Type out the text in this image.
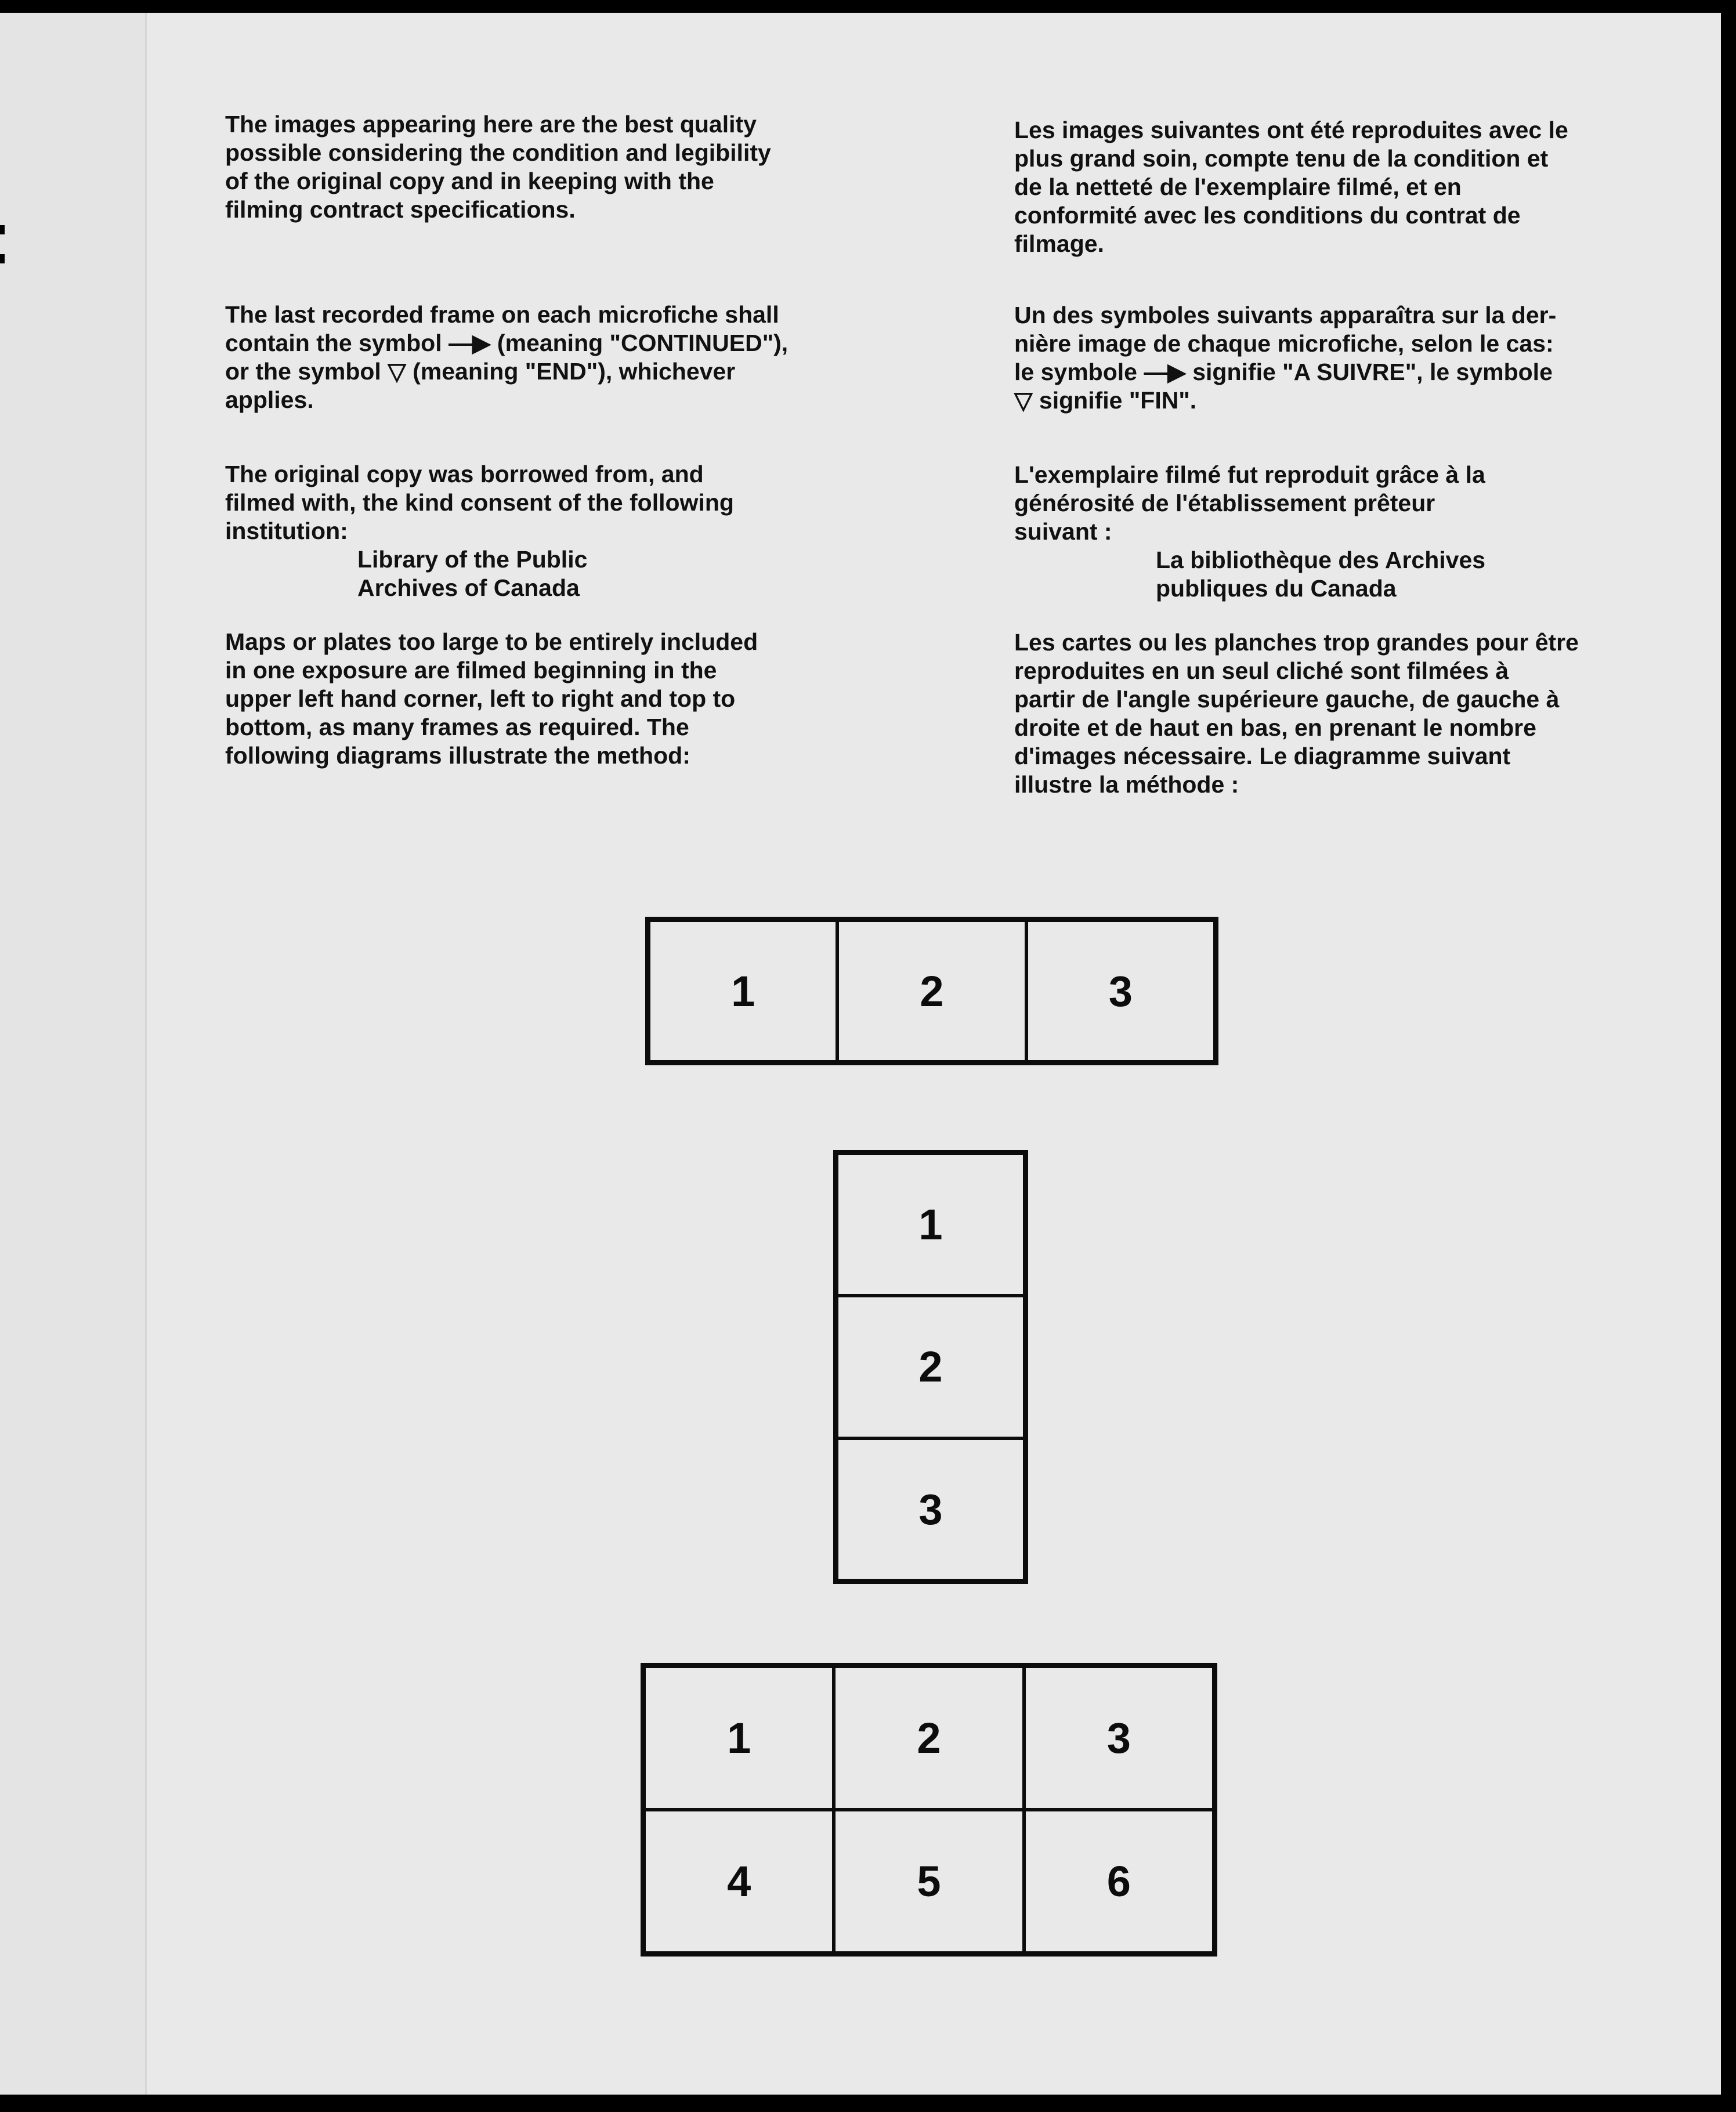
The images appearing here are the best quality
possible considering the condition and legibility
of the original copy and in keeping with the
filming contract specifications.

The last recorded frame on each microfiche shall
contain the symbol —▶ (meaning "CONTINUED"),
or the symbol ▽ (meaning "END"), whichever
applies.

The original copy was borrowed from, and
filmed with, the kind consent of the following
institution:

Library of the Public
Archives of Canada

Maps or plates too large to be entirely included
in one exposure are filmed beginning in the
upper left hand corner, left to right and top to
bottom, as many frames as required. The
following diagrams illustrate the method:

Les images suivantes ont été reproduites avec le
plus grand soin, compte tenu de la condition et
de la netteté de l'exemplaire filmé, et en
conformité avec les conditions du contrat de
filmage.

Un des symboles suivants apparaîtra sur la der-
nière image de chaque microfiche, selon le cas:
le symbole —▶ signifie "A SUIVRE", le symbole
▽ signifie "FIN".

L'exemplaire filmé fut reproduit grâce à la
générosité de l'établissement prêteur
suivant :

La bibliothèque des Archives
publiques du Canada

Les cartes ou les planches trop grandes pour être
reproduites en un seul cliché sont filmées à
partir de l'angle supérieure gauche, de gauche à
droite et de haut en bas, en prenant le nombre
d'images nécessaire. Le diagramme suivant
illustre la méthode :

1	2	3
1
2
3
1	2	3
4	5	6
